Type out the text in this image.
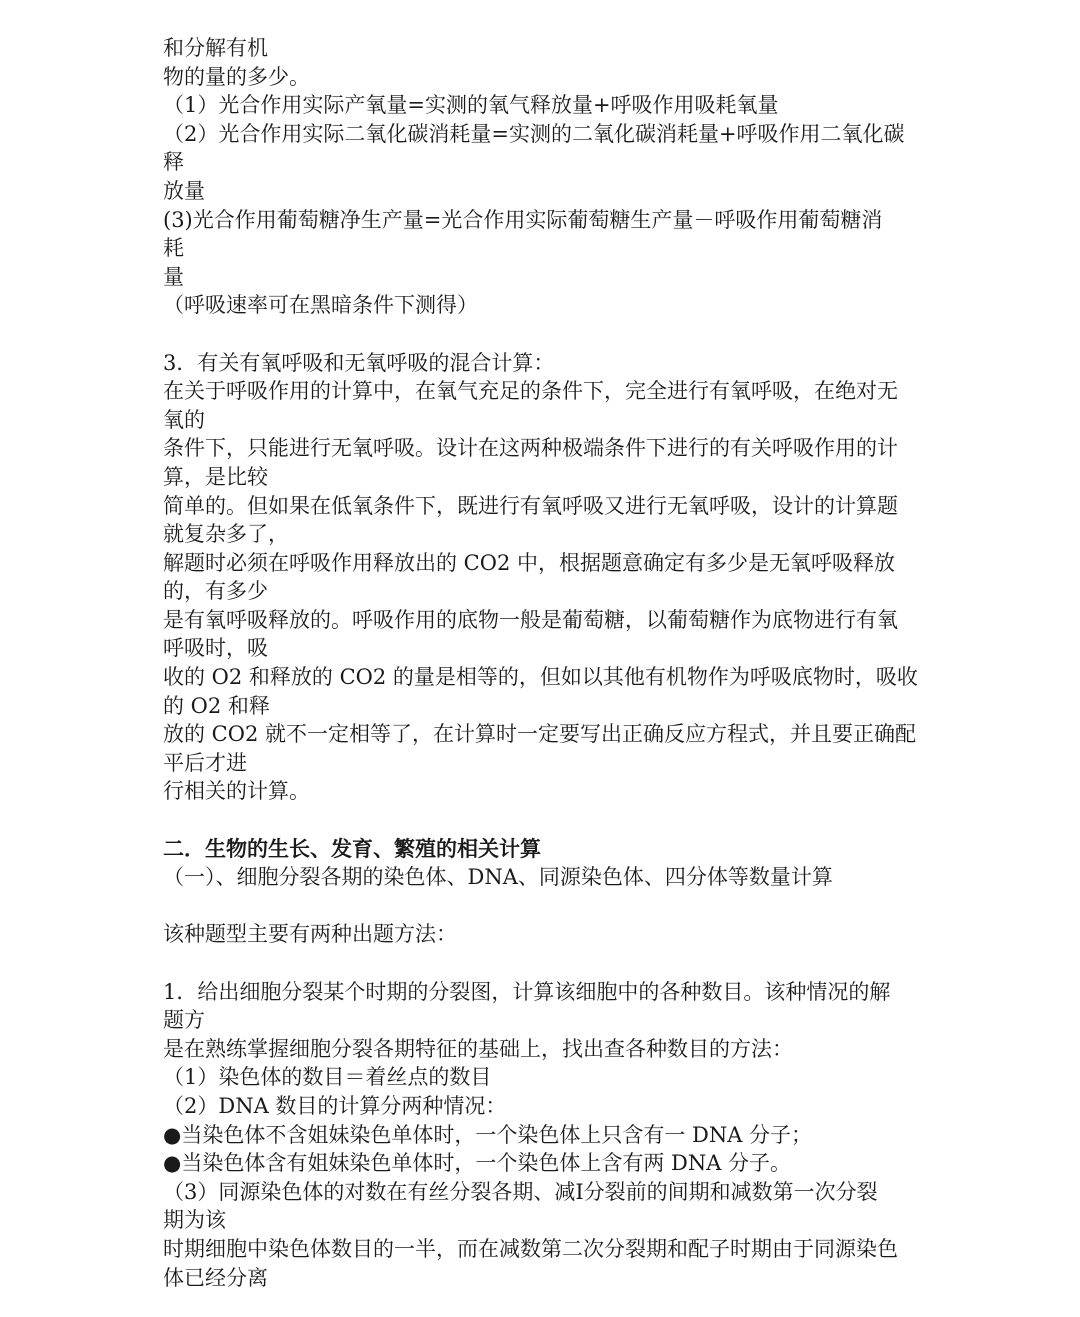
和分解有机
物的量的多少。
（1）光合作用实际产氧量=实测的氧气释放量+呼吸作用吸耗氧量
（2）光合作用实际二氧化碳消耗量=实测的二氧化碳消耗量+呼吸作用二氧化碳
释
放量
(3)光合作用葡萄糖净生产量=光合作用实际葡萄糖生产量－呼吸作用葡萄糖消
耗
量
（呼吸速率可在黑暗条件下测得）
3．有关有氧呼吸和无氧呼吸的混合计算：
在关于呼吸作用的计算中，在氧气充足的条件下，完全进行有氧呼吸，在绝对无
氧的
条件下，只能进行无氧呼吸。设计在这两种极端条件下进行的有关呼吸作用的计
算，是比较
简单的。但如果在低氧条件下，既进行有氧呼吸又进行无氧呼吸，设计的计算题
就复杂多了，
解题时必须在呼吸作用释放出的 CO2 中，根据题意确定有多少是无氧呼吸释放
的，有多少
是有氧呼吸释放的。呼吸作用的底物一般是葡萄糖，以葡萄糖作为底物进行有氧
呼吸时，吸
收的 O2 和释放的 CO2 的量是相等的，但如以其他有机物作为呼吸底物时，吸收
的 O2 和释
放的 CO2 就不一定相等了，在计算时一定要写出正确反应方程式，并且要正确配
平后才进
行相关的计算。
二．生物的生长、发育、繁殖的相关计算
（一）、细胞分裂各期的染色体、DNA、同源染色体、四分体等数量计算
该种题型主要有两种出题方法：
1．给出细胞分裂某个时期的分裂图，计算该细胞中的各种数目。该种情况的解
题方
是在熟练掌握细胞分裂各期特征的基础上，找出查各种数目的方法：
（1）染色体的数目＝着丝点的数目
（2）DNA 数目的计算分两种情况：
●当染色体不含姐妹染色单体时，一个染色体上只含有一 DNA 分子；
●当染色体含有姐妹染色单体时，一个染色体上含有两 DNA 分子。
（3）同源染色体的对数在有丝分裂各期、减Ⅰ分裂前的间期和减数第一次分裂
期为该
时期细胞中染色体数目的一半，而在减数第二次分裂期和配子时期由于同源染色
体已经分离
